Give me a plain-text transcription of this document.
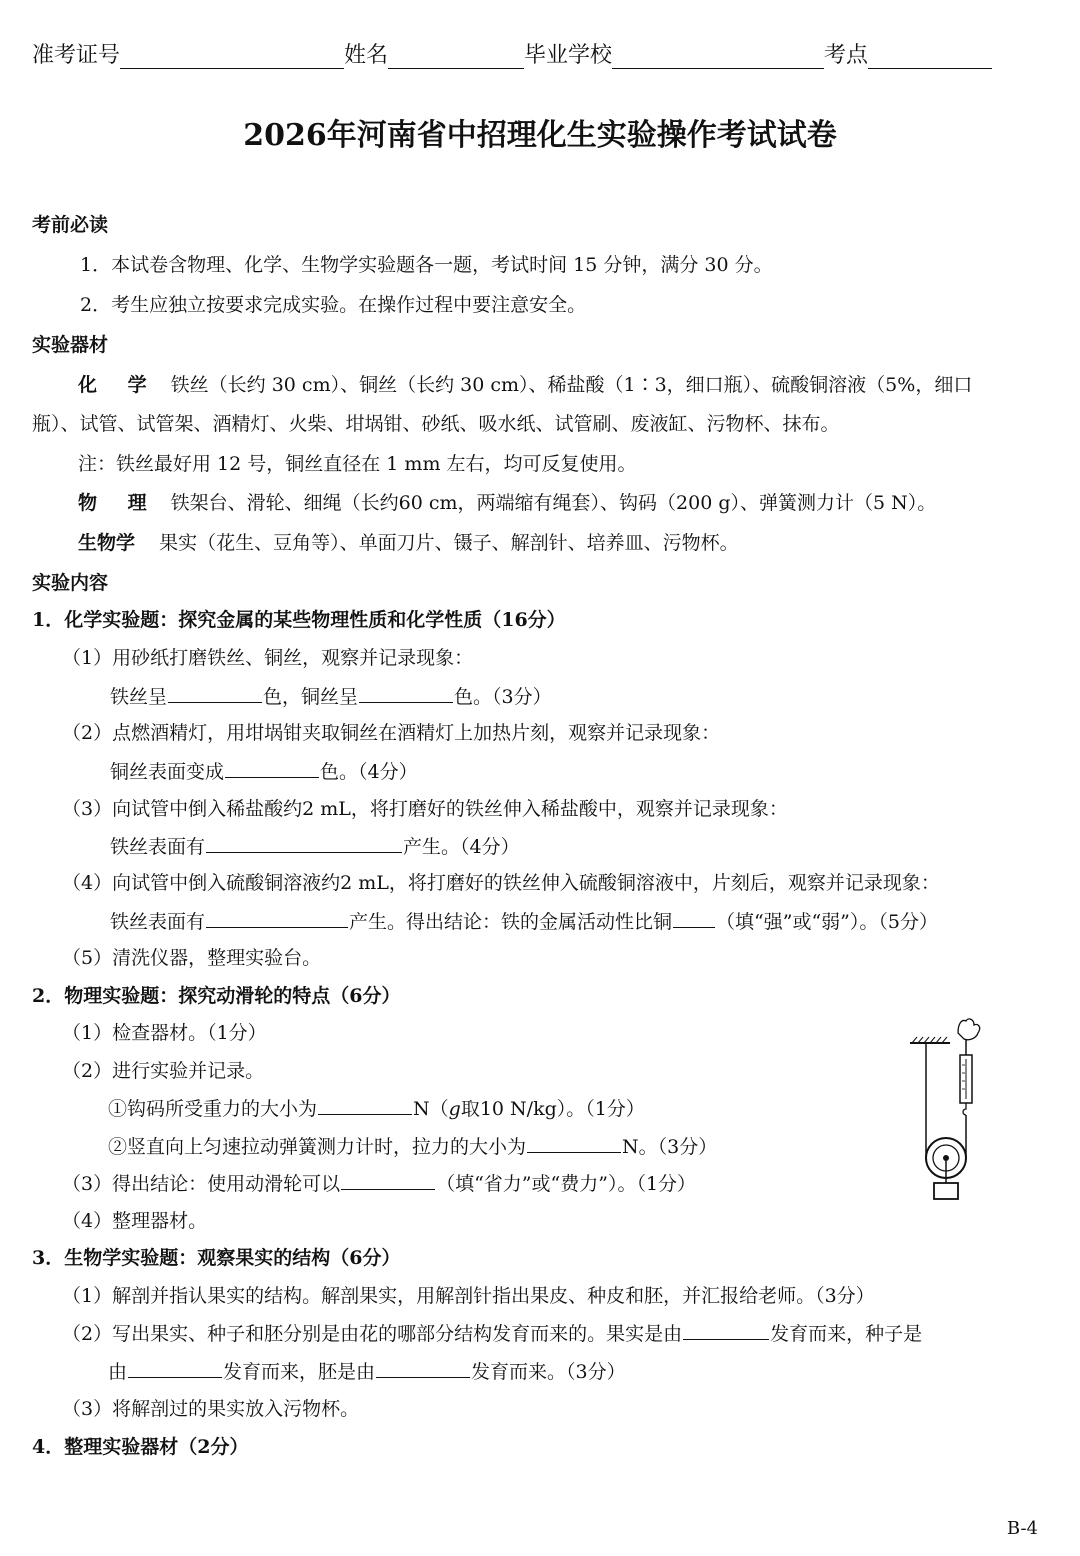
准考证号	姓名	毕业学校	考点
2026年河南省中招理化生实验操作考试试卷
考前必读
1．本试卷含物理、化学、生物学实验题各一题，考试时间 15 分钟，满分 30 分。
2．考生应独立按要求完成实验。在操作过程中要注意安全。
实验器材
化 学 铁丝（长约 30 cm）、铜丝（长约 30 cm）、稀盐酸（1∶3，细口瓶）、硫酸铜溶液（5%，细口
瓶）、试管、试管架、酒精灯、火柴、坩埚钳、砂纸、吸水纸、试管刷、废液缸、污物杯、抹布。
注：铁丝最好用 12 号，铜丝直径在 1 mm 左右，均可反复使用。
物 理 铁架台、滑轮、细绳（长约60 cm，两端缩有绳套）、钩码（200 g）、弹簧测力计（5 N）。
生物学 果实（花生、豆角等）、单面刀片、镊子、解剖针、培养皿、污物杯。
实验内容
1．化学实验题：探究金属的某些物理性质和化学性质（16分）
（1）用砂纸打磨铁丝、铜丝，观察并记录现象：
铁丝呈	色，铜丝呈	色。（3分）
（2）点燃酒精灯，用坩埚钳夹取铜丝在酒精灯上加热片刻，观察并记录现象：
铜丝表面变成	色。（4分）
（3）向试管中倒入稀盐酸约2 mL，将打磨好的铁丝伸入稀盐酸中，观察并记录现象：
铁丝表面有	产生。（4分）
（4）向试管中倒入硫酸铜溶液约2 mL，将打磨好的铁丝伸入硫酸铜溶液中，片刻后，观察并记录现象：
铁丝表面有	产生。得出结论：铁的金属活动性比铜 （填“强”或“弱”）。（5分）
（5）清洗仪器，整理实验台。
2．物理实验题：探究动滑轮的特点（6分）
（1）检查器材。（1分）
（2）进行实验并记录。
①钩码所受重力的大小为	N（g取10 N/kg）。（1分）
②竖直向上匀速拉动弹簧测力计时，拉力的大小为	N。（3分）
（3）得出结论：使用动滑轮可以	（填“省力”或“费力”）。（1分）
（4）整理器材。
3．生物学实验题：观察果实的结构（6分）
（1）解剖并指认果实的结构。解剖果实，用解剖针指出果皮、种皮和胚，并汇报给老师。（3分）
（2）写出果实、种子和胚分别是由花的哪部分结构发育而来的。果实是由	发育而来，种子是
由	发育而来，胚是由	发育而来。（3分）
（3）将解剖过的果实放入污物杯。
4．整理实验器材（2分）
B-4
